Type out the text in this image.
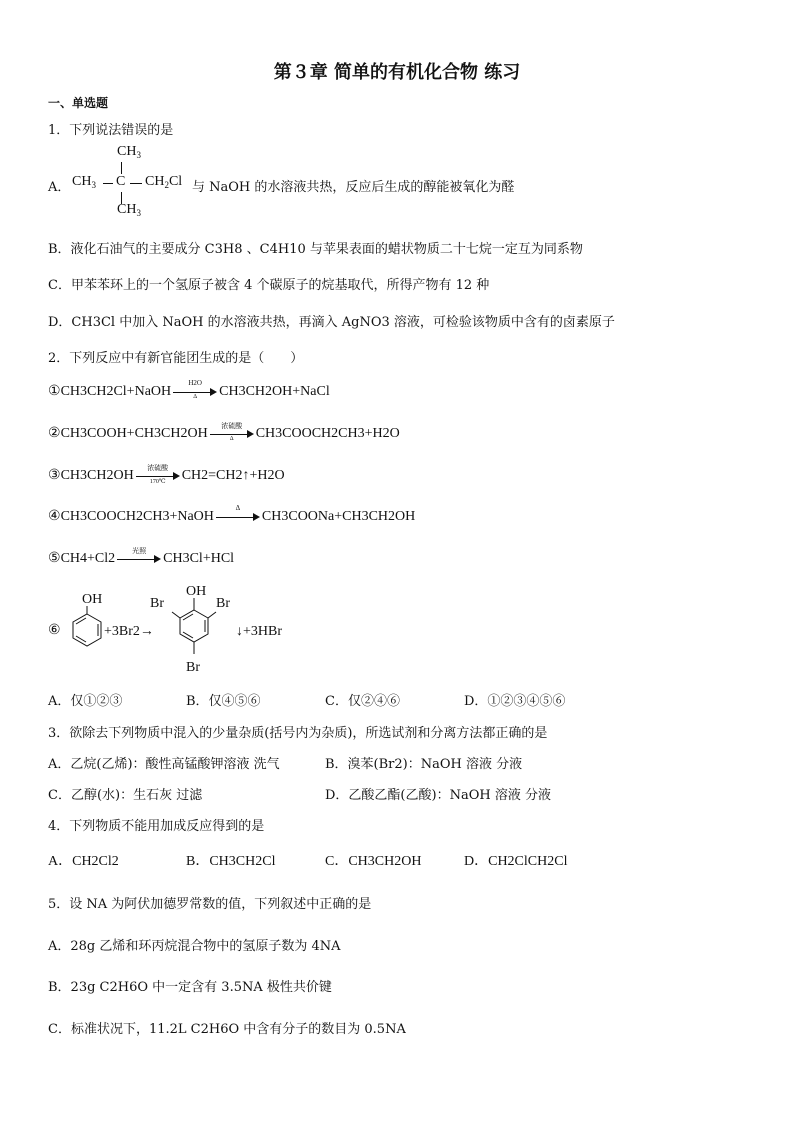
第３章 简单的有机化合物 练习
一、单选题
1．下列说法错误的是
A．
$CH_3$
$CH_3$ C $CH_2Cl$
$CH_3$
与 NaOH 的水溶液共热，反应后生成的醇能被氧化为醛
B．液化石油气的主要成分 C3H8 、C4H10 与苹果表面的蜡状物质二十七烷一定互为同系物
C．甲苯苯环上的一个氢原子被含 4 个碳原子的烷基取代，所得产物有 12 种
D．CH3Cl 中加入 NaOH 的水溶液共热，再滴入 AgNO3 溶液，可检验该物质中含有的卤素原子
2．下列反应中有新官能团生成的是（　　）
①CH3CH2Cl+NaOH $\frac{H2O}{\Delta}$ CH3CH2OH+NaCl
②CH3COOH+CH3CH2OH
浓硫酸
Δ	CH3COOCH2CH3+H2O
③CH3CH2OH
浓硫酸
170℃	CH2=CH2↑+H2O
④CH3COOCH2CH3+NaOH
Δ
CH3COONa+CH3CH2OH
⑤CH4+Cl2
光照
CH3Cl+HCl
⑥
OH
+3Br2→
OH
Br	Br
Br
↓+3HBr
A．仅①②③	B．仅④⑤⑥	C．仅②④⑥	D．①②③④⑤⑥
3．欲除去下列物质中混入的少量杂质(括号内为杂质)，所选试剂和分离方法都正确的是
A．乙烷(乙烯)：酸性高锰酸钾溶液 洗气	B．溴苯(Br2)：NaOH 溶液 分液
C．乙醇(水)：生石灰 过滤	D．乙酸乙酯(乙酸)：NaOH 溶液 分液
4．下列物质不能用加成反应得到的是
A．CH2Cl2	B．CH3CH2Cl	C．CH3CH2OH	D．CH2ClCH2Cl
5．设 NA 为阿伏加德罗常数的值，下列叙述中正确的是
A．28g 乙烯和环丙烷混合物中的氢原子数为 4NA
B．23g C2H6O 中一定含有 3.5NA 极性共价键
C．标准状况下，11.2L C2H6O 中含有分子的数目为 0.5NA
